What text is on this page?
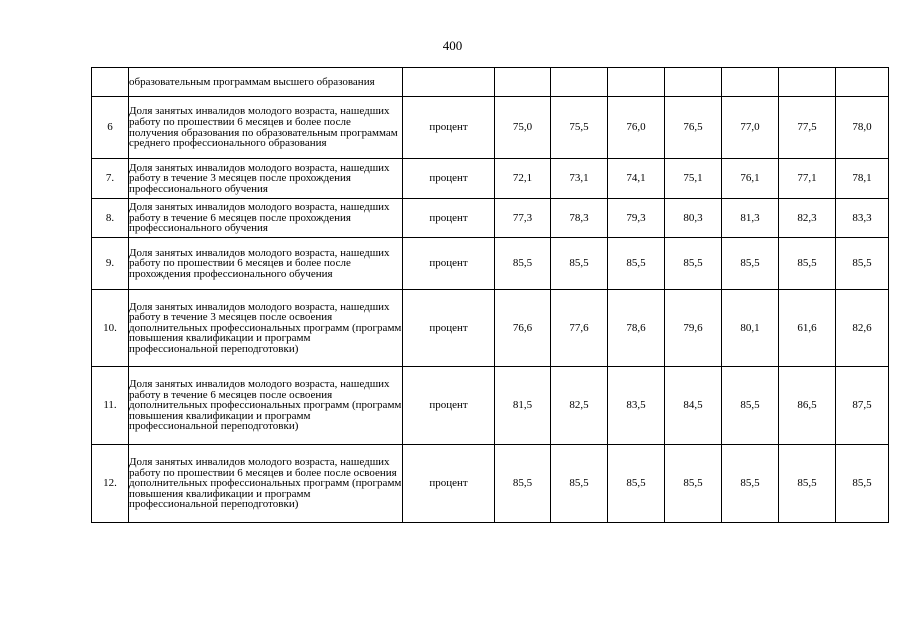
400
	образовательным программам высшего образования								
6	Доля занятых инвалидов молодого возраста, нашедших работу по прошествии 6 месяцев и более после получения образования по образовательным программам среднего профессионального образования	процент	75,0	75,5	76,0	76,5	77,0	77,5	78,0
7.	Доля занятых инвалидов молодого возраста, нашедших работу в течение 3 месяцев после прохождения профессионального обучения	процент	72,1	73,1	74,1	75,1	76,1	77,1	78,1
8.	Доля занятых инвалидов молодого возраста, нашедших работу в течение 6 месяцев после прохождения профессионального обучения	процент	77,3	78,3	79,3	80,3	81,3	82,3	83,3
9.	Доля занятых инвалидов молодого возраста, нашедших работу по прошествии 6 месяцев и более после прохождения профессионального обучения	процент	85,5	85,5	85,5	85,5	85,5	85,5	85,5
10.	Доля занятых инвалидов молодого возраста, нашедших работу в течение 3 месяцев после освоения дополнительных профессиональных программ (программ повышения квалификации и программ профессиональной переподготовки)	процент	76,6	77,6	78,6	79,6	80,1	61,6	82,6
11.	Доля занятых инвалидов молодого возраста, нашедших работу в течение 6 месяцев после освоения дополнительных профессиональных программ (программ повышения квалификации и программ профессиональной переподготовки)	процент	81,5	82,5	83,5	84,5	85,5	86,5	87,5
12.	Доля занятых инвалидов молодого возраста, нашедших работу по прошествии 6 месяцев и более после освоения дополнительных профессиональных программ (программ повышения квалификации и программ профессиональной переподготовки)	процент	85,5	85,5	85,5	85,5	85,5	85,5	85,5
